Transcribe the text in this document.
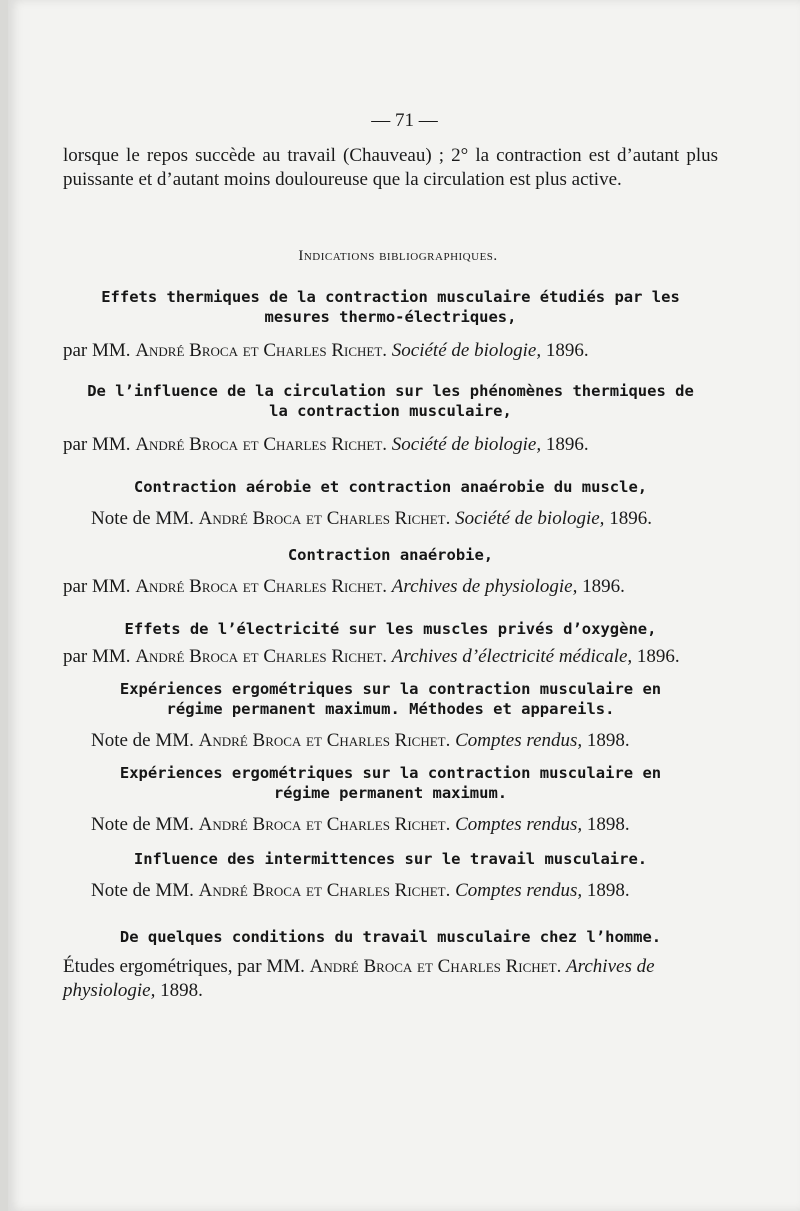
— 71 —
lorsque le repos succède au travail (Chauveau) ; 2° la contraction est d’autant plus puissante et d’autant moins douloureuse que la circulation est plus active.
Indications bibliographiques.
Effets thermiques de la contraction musculaire étudiés par les mesures thermo-électriques,
par MM. André Broca et Charles Richet. Société de biologie, 1896.
De l’influence de la circulation sur les phénomènes thermiques de la contraction musculaire,
par MM. André Broca et Charles Richet. Société de biologie, 1896.
Contraction aérobie et contraction anaérobie du muscle,
Note de MM. André Broca et Charles Richet. Société de biologie, 1896.
Contraction anaérobie,
par MM. André Broca et Charles Richet. Archives de physiologie, 1896.
Effets de l’électricité sur les muscles privés d’oxygène,
par MM. André Broca et Charles Richet. Archives d’électricité médicale, 1896.
Expériences ergométriques sur la contraction musculaire en régime permanent maximum. Méthodes et appareils.
Note de MM. André Broca et Charles Richet. Comptes rendus, 1898.
Expériences ergométriques sur la contraction musculaire en régime permanent maximum.
Note de MM. André Broca et Charles Richet. Comptes rendus, 1898.
Influence des intermittences sur le travail musculaire.
Note de MM. André Broca et Charles Richet. Comptes rendus, 1898.
De quelques conditions du travail musculaire chez l’homme.
Études ergométriques, par MM. André Broca et Charles Richet. Archives de physiologie, 1898.
